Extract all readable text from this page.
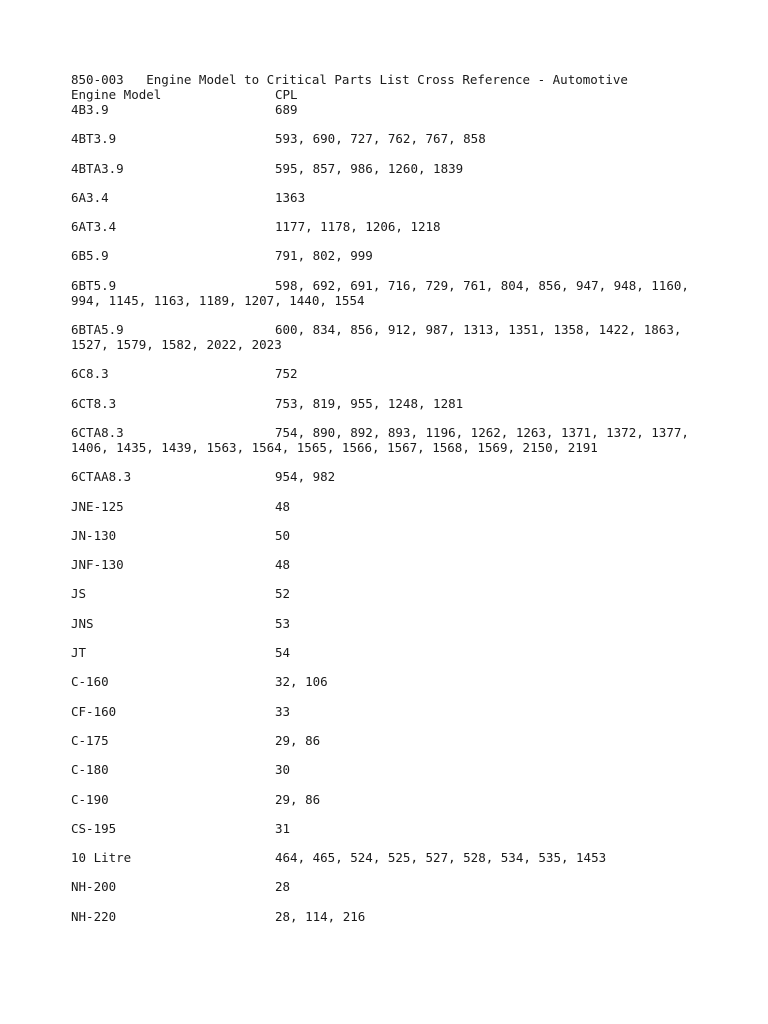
850-003   Engine Model to Critical Parts List Cross Reference - Automotive
Engine Model	CPL
4B3.9	689
4BT3.9	593, 690, 727, 762, 767, 858
4BTA3.9	595, 857, 986, 1260, 1839
6A3.4	1363
6AT3.4	1177, 1178, 1206, 1218
6B5.9	791, 802, 999
6BT5.9	598, 692, 691, 716, 729, 761, 804, 856, 947, 948, 1160,
994, 1145, 1163, 1189, 1207, 1440, 1554
6BTA5.9	600, 834, 856, 912, 987, 1313, 1351, 1358, 1422, 1863,
1527, 1579, 1582, 2022, 2023
6C8.3	752
6CT8.3	753, 819, 955, 1248, 1281
6CTA8.3	754, 890, 892, 893, 1196, 1262, 1263, 1371, 1372, 1377,
1406, 1435, 1439, 1563, 1564, 1565, 1566, 1567, 1568, 1569, 2150, 2191
6CTAA8.3	954, 982
JNE-125	48
JN-130	50
JNF-130	48
JS	52
JNS	53
JT	54
C-160	32, 106
CF-160	33
C-175	29, 86
C-180	30
C-190	29, 86
CS-195	31
10 Litre	464, 465, 524, 525, 527, 528, 534, 535, 1453
NH-200	28
NH-220	28, 114, 216
